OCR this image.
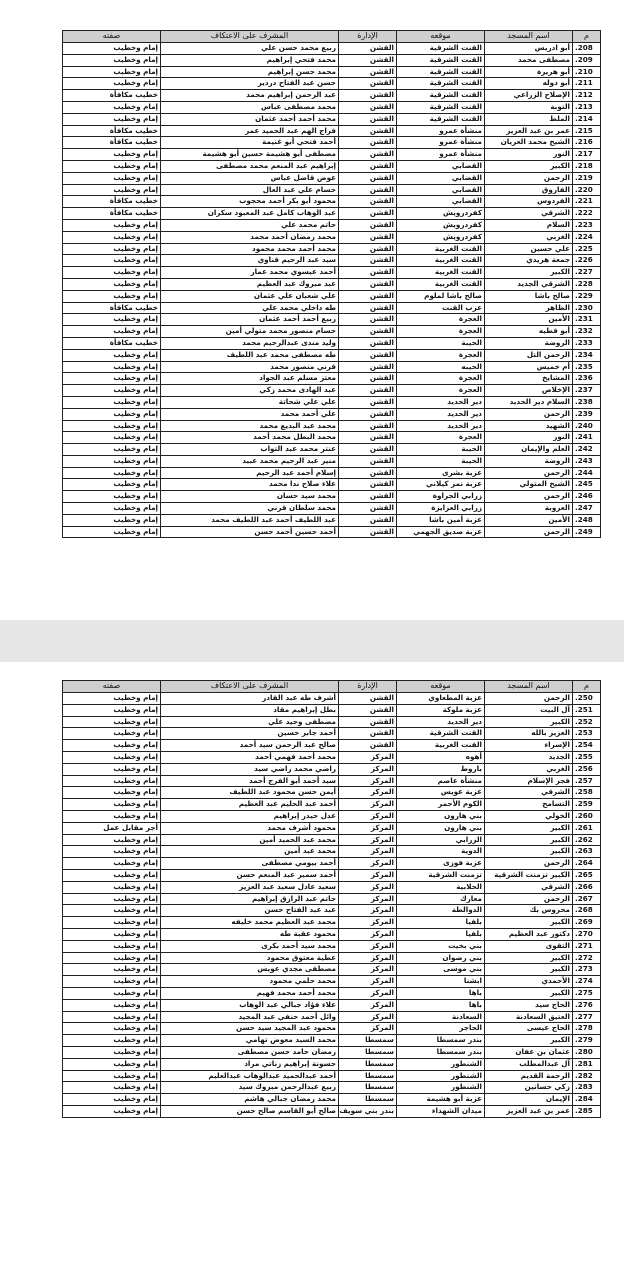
م	اسم المسجد	موقعه	الإدارة	المشرف على الاعتكاف	صفته
208.	أبو ادريس	القنت الشرقية	القشن	ربيع محمد حسن علي	إمام وخطيب
209.	مصطفى محمد	القنت الشرقية	القشن	محمد فتحي إبراهيم	إمام وخطيب
210.	أبو هريرة	القنت الشرقية	القشن	محمد حسن إبراهيم	إمام وخطيب
211.	أبو دوله	القنت الشرقية	القشن	حسن عبد الفتاح دردير	إمام وخطيب
212.	الإصلاح الزراعي	القنت الشرقية	القشن	عبد الرحمن إبراهيم محمد	خطيب مكافأة
213.	التوبة	القنت الشرقية	القشن	محمد مصطفى عباس	إمام وخطيب
214.	الملط	القنت الشرقية	القشن	محمد أحمد أحمد عثمان	إمام وخطيب
215.	عمر بن عبد العزيز	منشأة عمرو	القشن	فراج الهم عبد الحميد عمر	خطيب مكافأة
216.	الشيخ محمد العريان	منشأة عمرو	القشن	أحمد فتحي أبو غنيمة	خطيب مكافأة
217.	النور	منشأة عمرو	القشن	مصطفى أبو هشيمة حسين أبو هشيمة	إمام وخطيب
218.	الكبير	القضابي	القشن	إبراهيم عبد المنعم محمد مصطفى	إمام وخطيب
219.	الرحمن	القضابي	القشن	عوض قاضل عباس	إمام وخطيب
220.	الفاروق	القضابي	القشن	حسام علي عبد العال	إمام وخطيب
221.	الفردوس	القضابي	القشن	محمود أبو بكر أحمد محجوب	خطيب مكافأة
222.	الشرقي	كفردرويش	القشن	عبد الوهاب كامل عبد المعبود سكران	خطيب مكافأة
223.	السلام	كفردرويش	القشن	حاتم محمد علي	إمام وخطيب
224.	الغربي	كفردرويش	القشن	محمد رمضان أحمد محمد	إمام وخطيب
225.	علي حسين	القنت الغربية	القشن	محمد أحمد محمد محمود	إمام وخطيب
226.	جمعة هريدي	القنت الغربية	القشن	سيد عبد الرحيم قناوي	إمام وخطيب
227.	الكبير	القنت الغربية	القشن	أحمد عيسوي محمد عمار	إمام وخطيب
228.	الشرقي الجديد	القنت الغربية	القشن	عبد مبروك عبد العظيم	إمام وخطيب
229.	صالح باشا	صالح باشا لملوم	القشن	علي شعبان علي عثمان	إمام وخطيب
230.	الظاهر	عزب القنت	القشن	طه داخلي محمد علي	خطيب مكافأة
231.	الأمين	العجرة	القشن	ربيع أحمد أحمد عثمان	إمام وخطيب
232.	أبو قطيه	العجرة	القشن	حسام منصور محمد متولي أمين	إمام وخطيب
233.	الروضة	الحيبة	القشن	وليد مندى عبدالرحيم محمد	خطيب مكافأة
234.	الرحمن التل	العجرة	القشن	طه مصطفى محمد عبد اللطيف	إمام وخطيب
235.	أم خميس	الحيبه	القشن	قرني منصور محمد	إمام وخطيب
236.	المشايخ	العجرة	القشن	معتز مسلم عبد الجواد	إمام وخطيب
237.	الإخلاص	العجرة	القشن	عبد الهادى محمد زكي	إمام وخطيب
238.	السلام دير الحديد	دير الحديد	القشن	علي علي شحاتة	إمام وخطيب
239.	الرحمن	دير الحديد	القشن	علي أحمد محمد	إمام وخطيب
240.	الشهيد	دير الحديد	القشن	محمد عبد البديع محمد	إمام وخطيب
241.	النور	العجرة	القشن	محمد البطل محمد أحمد	إمام وخطيب
242.	العلم والإيمان	الحيبة	القشن	عنتر محمد عبد التواب	إمام وخطيب
243.	الروضة	الحيبة	القشن	منير عبد الرحيم محمد عبيد	إمام وخطيب
244.	الرحمن	عزبة بشرى	القشن	إسلام أحمد عبد الرحيم	إمام وخطيب
245.	الشيخ المتولي	عزبة نمر كيلاني	القشن	علاء صلاح ندا محمد	إمام وخطيب
246.	الرحمن	زرابي الجراوة	القشن	محمد سيد حسان	إمام وخطيب
247.	العروبة	زرابي العزايزة	القشن	محمد سلطان قرني	إمام وخطيب
248.	الأمين	عزبة أمين باشا	القشن	عبد اللطيف أحمد عبد اللطيف محمد	إمام وخطيب
249.	الرحمن	عزبة صديق الجهمي	القشن	أحمد حسين أحمد حسن	إمام وخطيب
م	اسم المسجد	موقعه	الإدارة	المشرف على الاعتكاف	صفته
250.	الرحمن	عزبة المطعاوي	القشن	أشرف طه عبد القادر	إمام وخطيب
251.	آل البيت	عزبة ملوكة	القشن	بطل إبراهيم مقاد	إمام وخطيب
252.	الكبير	دير الحديد	القشن	مصطفى وحيد علي	إمام وخطيب
253.	العزيز بالله	القنت الشرقية	القشن	أحمد جابر حسين	إمام وخطيب
254.	الإسراء	القنت الغربية	القشن	صالح عبد الرحمن سيد أحمد	إمام وخطيب
255.	الجديد	أهوه	المركز	محمد أحمد فهمي أحمد	إمام وخطيب
256.	الغربي	باروط	المركز	راضي محمد راضي سيد	إمام وخطيب
257.	فجر الإسلام	منشأة عاصم	المركز	سيد أحمد أبو الفرج أحمد	إمام وخطيب
258.	الشرقي	عزبة عويس	المركز	أيمن حسن محمود عبد اللطيف	إمام وخطيب
259.	التسامح	الكوم الأحمر	المركز	أحمد عبد الحليم عبد العظيم	إمام وخطيب
260.	الخولي	بني هارون	المركز	عدل حيدر إبراهيم	إمام وخطيب
261.	الكبير	بني هارون	المركز	محمود أشرف محمد	أجر مقابل عمل
262.	الكبير	الزرابي	المركز	محمد عبد الحميد أمين	إمام وخطيب
263.	الكبير	الدوية	المركز	محمد عبد أمين	إمام وخطيب
264.	الرحمن	عزبة فوزى	المركز	أحمد بيومي مصطفى	إمام وخطيب
265.	الكبير تزمنت الشرقية	تزمنت الشرقية	المركز	أحمد سمير عبد المنعم حسن	إمام وخطيب
266.	الشرقي	الحلابية	المركز	سعيد عادل سعيد عبد العزيز	إمام وخطيب
267.	الرحمن	معارك	المركز	حاتم عبد الرازق إبراهيم	إمام وخطيب
268.	محروس بك	الدوالطة	المركز	عبد عبد الفتاح حسن	إمام وخطيب
269.	الكبير	بلفيا	المركز	محمد عبد العظيم محمد خليفه	إمام وخطيب
270.	دكتور عبد العظيم	بلفيا	المركز	محمود عقبة طه	إمام وخطيب
271.	التقوى	بني بخيت	المركز	محمد سيد أحمد بكرى	إمام وخطيب
272.	الكبير	بني رضوان	المركز	عطية معتوق محمود	إمام وخطيب
273.	الكبير	بني موسى	المركز	مصطفى مجدي عويس	إمام وخطيب
274.	الأحمدي	ابشنا	المركز	محمد حلمي محمود	إمام وخطيب
275.	الكبير	باها	المركز	محمد أحمد محمد فهيم	إمام وخطيب
276.	الحاج سيد	باها	المركز	علاء فؤاد جبالي عبد الوهاب	إمام وخطيب
277.	العتيق السعادنة	السعادنة	المركز	وائل أحمد حنفي عبد المجيد	إمام وخطيب
278.	الحاج عيسى	الحاجر	المركز	محمود عبد المجيد سيد حسن	إمام وخطيب
279.	الكبير	بندر سمسطا	سمسطا	محمد السيد معوض تهامي	إمام وخطيب
280.	عثمان بن عفان	بندر سمسطا	سمسطا	رمضان حامد حسن مصطفى	إمام وخطيب
281.	آل عبدالمطلب	الشنطور	سمسطا	حسونة إبراهيم زناتي مراد	إمام وخطيب
282.	الرحمة القديم	الشنطور	سمسطا	أحمد عبدالحميد عبدالوهاب عبدالعليم	إمام وخطيب
283.	زكي حسانين	الشنطور	سمسطا	ربيع عبدالرحمن مبروك سيد	إمام وخطيب
284.	الإيمان	عزبة أبو هشيمة	سمسطا	محمد رمضان جبالي هاشم	إمام وخطيب
285.	عمر بن عبد العزيز	ميدان الشهداء	بندر بني سويف	صالح أبو القاسم صالح حسن	إمام وخطيب
